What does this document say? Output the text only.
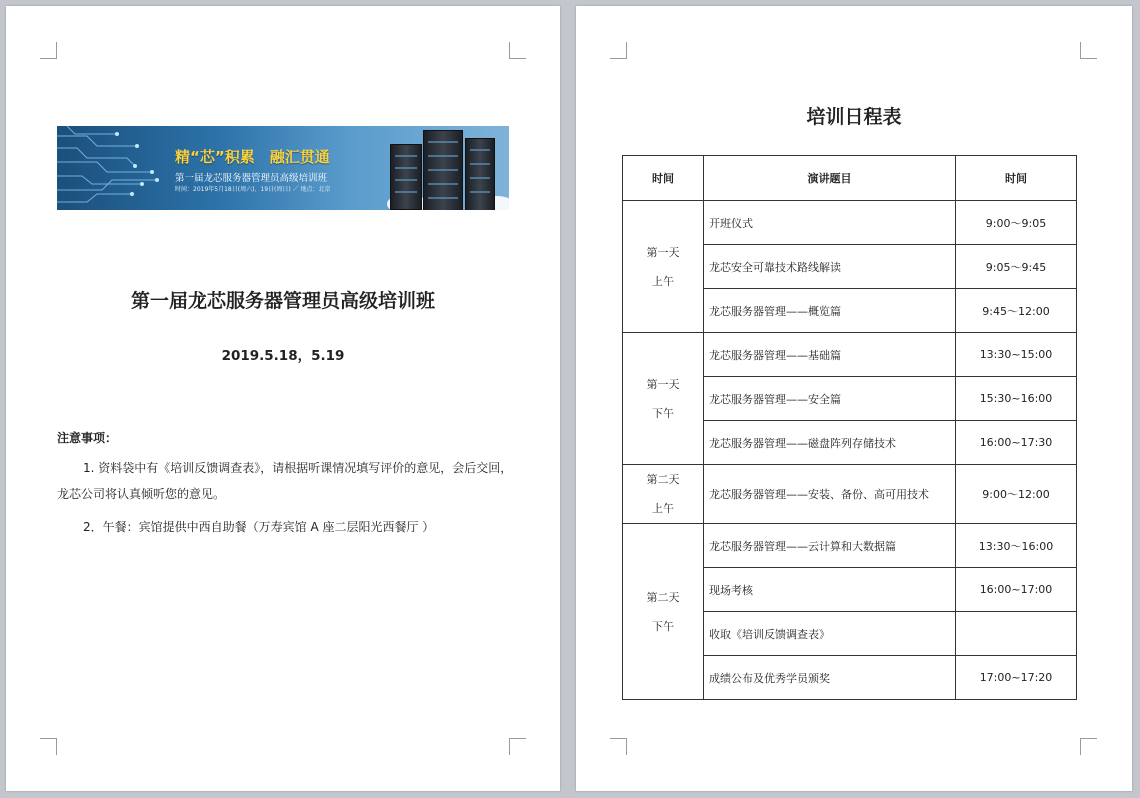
精“芯”积累　融汇贯通
第一届龙芯服务器管理员高级培训班
时间：2019年5月18日(周六)、19日(周日) ／ 地点：北京
第一届龙芯服务器管理员高级培训班
2019.5.18，5.19
注意事项：
1. 资料袋中有《培训反馈调查表》，请根据听课情况填写评价的意见，会后交回，龙芯公司将认真倾听您的意见。
2．午餐：宾馆提供中西自助餐（万寿宾馆 A 座二层阳光西餐厅 ）
培训日程表
时间	演讲题目	时间

第一天
上午	开班仪式	9:00～9:05
	龙芯安全可靠技术路线解读	9:05～9:45
	龙芯服务器管理——概览篇	9:45～12:00

第一天
下午	龙芯服务器管理——基础篇	13:30~15:00
	龙芯服务器管理——安全篇	15:30~16:00
	龙芯服务器管理——磁盘阵列存储技术	16:00~17:30

第二天
上午	龙芯服务器管理——安装、备份、高可用技术	9:00～12:00

第二天
下午	龙芯服务器管理——云计算和大数据篇	13:30～16:00
	现场考核	16:00~17:00
	收取《培训反馈调查表》	
	成绩公布及优秀学员颁奖	17:00~17:20
